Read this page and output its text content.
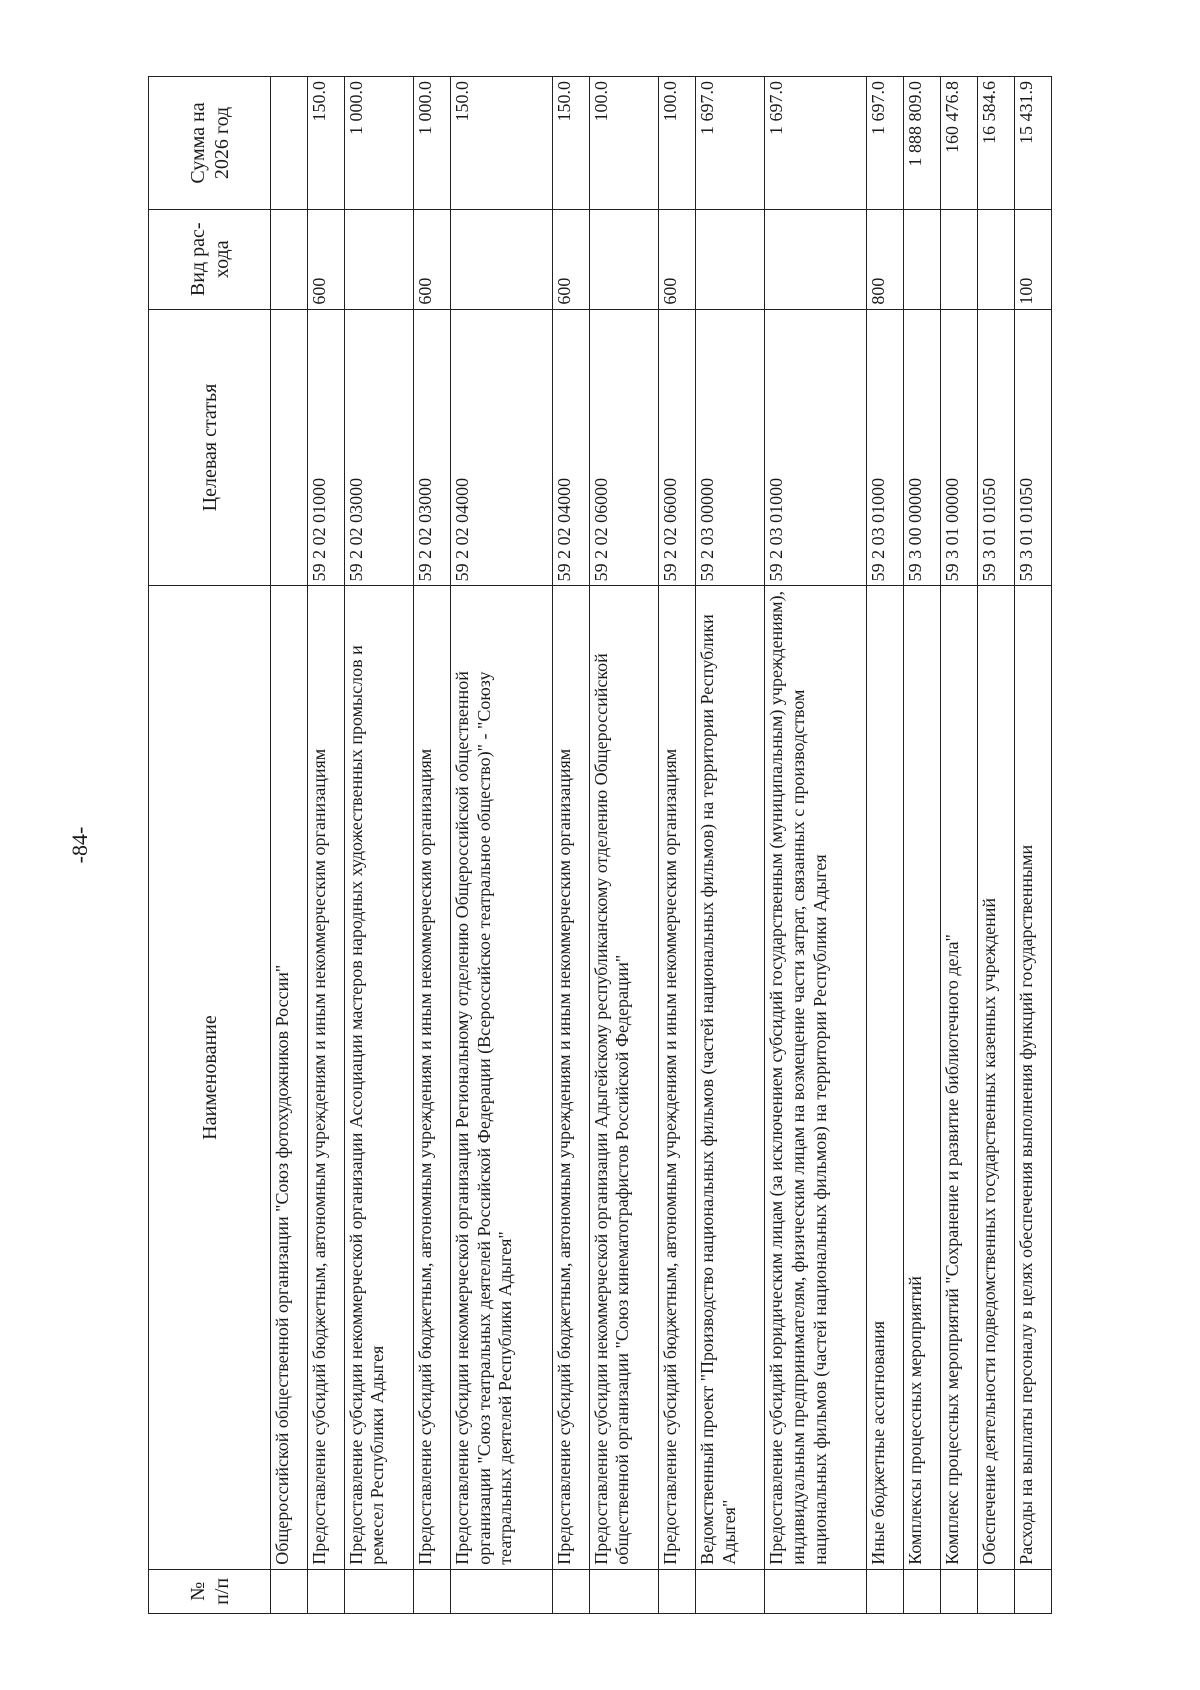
-84-
№ п/п	Наименование	Целевая статья	Вид рас-хода	Сумма на 2026 год
	Общероссийской общественной организации "Союз фотохудожников России"			
	Предоставление субсидий бюджетным, автономным учреждениям и иным некоммерческим организациям	59 2 02 01000	600	150.0
	Предоставление субсидии некоммерческой организации Ассоциации мастеров народных художественных промыслов и ремесел Республики Адыгея	59 2 02 03000		1 000.0
	Предоставление субсидий бюджетным, автономным учреждениям и иным некоммерческим организациям	59 2 02 03000	600	1 000.0
	Предоставление субсидии некоммерческой организации Региональному отделению Общероссийской общественной организации "Союз театральных деятелей Российской Федерации (Всероссийское театральное общество)" - "Союзу театральных деятелей Республики Адыгея"	59 2 02 04000		150.0
	Предоставление субсидий бюджетным, автономным учреждениям и иным некоммерческим организациям	59 2 02 04000	600	150.0
	Предоставление субсидии некоммерческой организации Адыгейскому республиканскому отделению Общероссийской общественной организации "Союз кинематографистов Российской Федерации"	59 2 02 06000		100.0
	Предоставление субсидий бюджетным, автономным учреждениям и иным некоммерческим организациям	59 2 02 06000	600	100.0
	Ведомственный проект "Производство национальных фильмов (частей национальных фильмов) на территории Республики Адыгея"	59 2 03 00000		1 697.0
	Предоставление субсидий юридическим лицам (за исключением субсидий государственным (муниципальным) учреждениям), индивидуальным предпринимателям, физическим лицам на возмещение части затрат, связанных с производством национальных фильмов (частей национальных фильмов) на территории Республики Адыгея	59 2 03 01000		1 697.0
	Иные бюджетные ассигнования	59 2 03 01000	800	1 697.0
	Комплексы процессных мероприятий	59 3 00 00000		1 888 809.0
	Комплекс процессных мероприятий "Сохранение и развитие библиотечного дела"	59 3 01 00000		160 476.8
	Обеспечение деятельности подведомственных государственных казенных учреждений	59 3 01 01050		16 584.6
	Расходы на выплаты персоналу в целях обеспечения выполнения функций государственными	59 3 01 01050	100	15 431.9
